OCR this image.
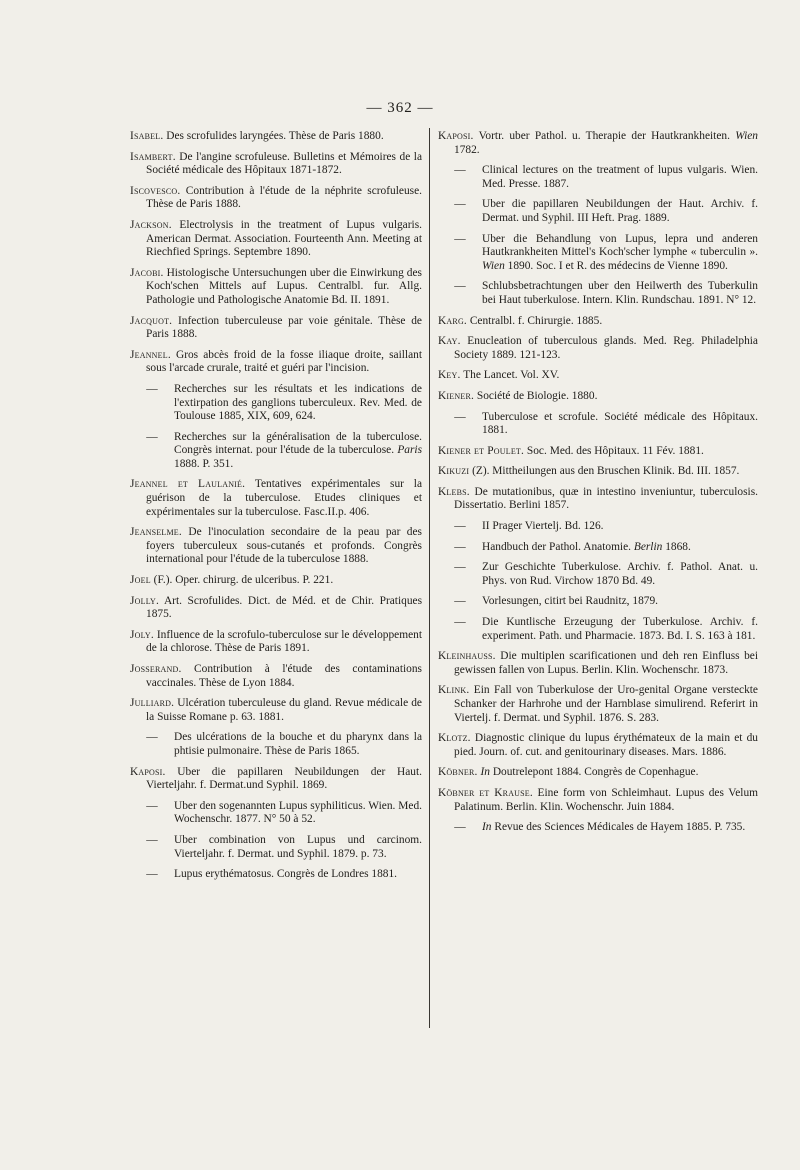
— 362 —
Isabel. Des scrofulides laryngées. Thèse de Paris 1880.
Isambert. De l'angine scrofuleuse. Bulletins et Mémoires de la Société médicale des Hôpitaux 1871-1872.
Iscovesco. Contribution à l'étude de la néphrite scrofuleuse. Thèse de Paris 1888.
Jackson. Electrolysis in the treatment of Lupus vulgaris. American Dermat. Association. Fourteenth Ann. Meeting at Riechfied Springs. Septembre 1890.
Jacobi. Histologische Untersuchungen uber die Einwirkung des Koch'schen Mittels auf Lupus. Centralbl. fur. Allg. Pathologie und Pathologische Anatomie Bd. II. 1891.
Jacquot. Infection tuberculeuse par voie génitale. Thèse de Paris 1888.
Jeannel. Gros abcès froid de la fosse iliaque droite, saillant sous l'arcade crurale, traité et guéri par l'incision.
—	Recherches sur les résultats et les indications de l'extirpation des ganglions tuberculeux. Rev. Med. de Toulouse 1885, XIX, 609, 624.
—	Recherches sur la généralisation de la tuberculose. Congrès internat. pour l'étude de la tuberculose. Paris 1888. P. 351.
Jeannel et Laulanié. Tentatives expérimentales sur la guérison de la tuberculose. Etudes cliniques et expérimentales sur la tuberculose. Fasc.II.p. 406.
Jeanselme. De l'inoculation secondaire de la peau par des foyers tuberculeux sous-cutanés et profonds. Congrès international pour l'étude de la tuberculose 1888.
Joel (F.). Oper. chirurg. de ulceribus. P. 221.
Jolly. Art. Scrofulides. Dict. de Méd. et de Chir. Pratiques 1875.
Joly. Influence de la scrofulo-tuberculose sur le développement de la chlorose. Thèse de Paris 1891.
Josserand. Contribution à l'étude des contaminations vaccinales. Thèse de Lyon 1884.
Julliard. Ulcération tuberculeuse du gland. Revue médicale de la Suisse Romane p. 63. 1881.
—	Des ulcérations de la bouche et du pharynx dans la phtisie pulmonaire. Thèse de Paris 1865.
Kaposi. Uber die papillaren Neubildungen der Haut. Vierteljahr. f. Dermat.und Syphil. 1869.
—	Uber den sogenannten Lupus syphiliticus. Wien. Med. Wochenschr. 1877. N° 50 à 52.
—	Uber combination von Lupus und carcinom. Vierteljahr. f. Dermat. und Syphil. 1879. p. 73.
—	Lupus erythématosus. Congrès de Londres 1881.
Kaposi. Vortr. uber Pathol. u. Therapie der Hautkrankheiten. Wien 1782.
—	Clinical lectures on the treatment of lupus vulgaris. Wien. Med. Presse. 1887.
—	Uber die papillaren Neubildungen der Haut. Archiv. f. Dermat. und Syphil. III Heft. Prag. 1889.
—	Uber die Behandlung von Lupus, lepra und anderen Hautkrankheiten Mittel's Koch'scher lymphe « tuberculin ». Wien 1890. Soc. I et R. des médecins de Vienne 1890.
—	Schlubsbetrachtungen uber den Heilwerth des Tuberkulin bei Haut tuberkulose. Intern. Klin. Rundschau. 1891. N° 12.
Karg. Centralbl. f. Chirurgie. 1885.
Kay. Enucleation of tuberculous glands. Med. Reg. Philadelphia Society 1889. 121-123.
Key. The Lancet. Vol. XV.
Kiener. Société de Biologie. 1880.
—	Tuberculose et scrofule. Société médicale des Hôpitaux. 1881.
Kiener et Poulet. Soc. Med. des Hôpitaux. 11 Fév. 1881.
Kikuzi (Z). Mittheilungen aus den Bruschen Klinik. Bd. III. 1857.
Klebs. De mutationibus, quæ in intestino inveniuntur, tuberculosis. Dissertatio. Berlini 1857.
—	II Prager Viertelj. Bd. 126.
—	Handbuch der Pathol. Anatomie. Berlin 1868.
—	Zur Geschichte Tuberkulose. Archiv. f. Pathol. Anat. u. Phys. von Rud. Virchow 1870 Bd. 49.
—	Vorlesungen, citirt bei Raudnitz, 1879.
—	Die Kuntlische Erzeugung der Tuberkulose. Archiv. f. experiment. Path. und Pharmacie. 1873. Bd. I. S. 163 à 181.
Kleinhauss. Die multiplen scarificationen und deh ren Einfluss bei gewissen fallen von Lupus. Berlin. Klin. Wochenschr. 1873.
Klink. Ein Fall von Tuberkulose der Uro-genital Organe versteckte Schanker der Harhrohe und der Harnblase simulirend. Referirt in Viertelj. f. Dermat. und Syphil. 1876. S. 283.
Klotz. Diagnostic clinique du lupus érythémateux de la main et du pied. Journ. of. cut. and genitourinary diseases. Mars. 1886.
Köbner. In Doutrelepont 1884. Congrès de Copenhague.
Köbner et Krause. Eine form von Schleimhaut. Lupus des Velum Palatinum. Berlin. Klin. Wochenschr. Juin 1884.
—	In Revue des Sciences Médicales de Hayem 1885. P. 735.
